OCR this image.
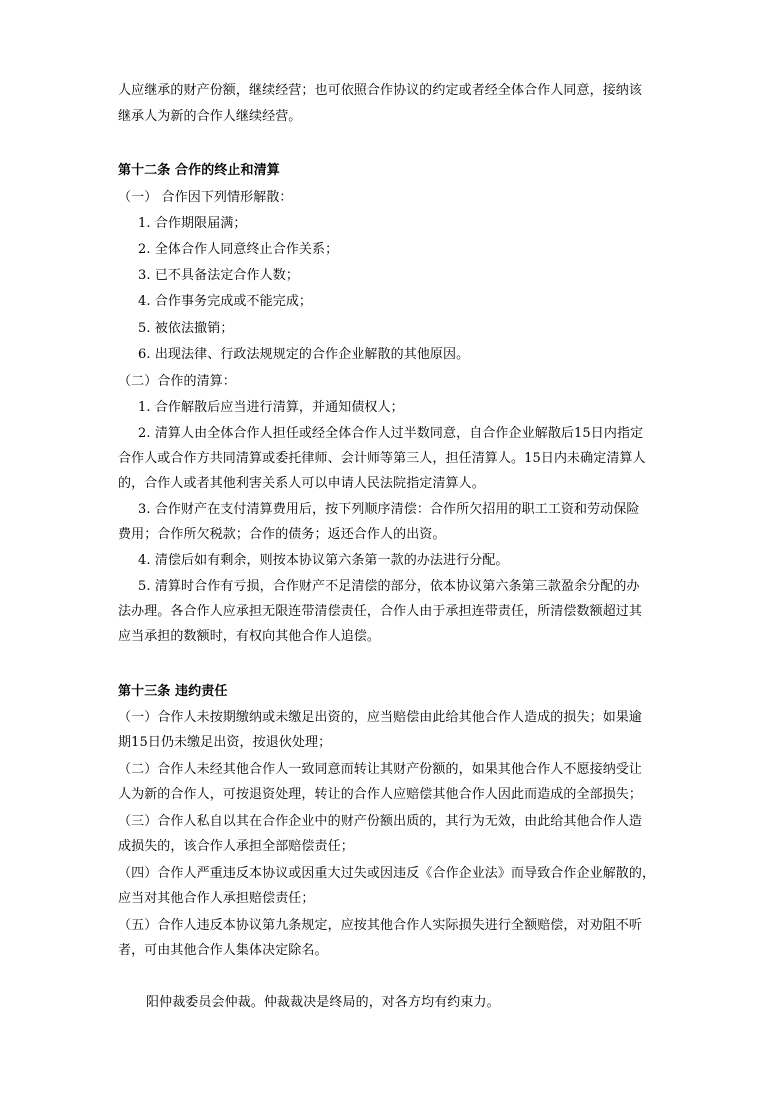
人应继承的财产份额，继续经营；也可依照合作协议的约定或者经全体合作人同意，接纳该
继承人为新的合作人继续经营。
第十二条 合作的终止和清算
（一） 合作因下列情形解散：
1. 合作期限届满；
2. 全体合作人同意终止合作关系；
3. 已不具备法定合作人数；
4. 合作事务完成或不能完成；
5. 被依法撤销；
6. 出现法律、行政法规规定的合作企业解散的其他原因。
（二）合作的清算：
1. 合作解散后应当进行清算，并通知债权人；
2. 清算人由全体合作人担任或经全体合作人过半数同意，自合作企业解散后15日内指定
合作人或合作方共同清算或委托律师、会计师等第三人，担任清算人。15日内未确定清算人
的，合作人或者其他利害关系人可以申请人民法院指定清算人。
3. 合作财产在支付清算费用后，按下列顺序清偿：合作所欠招用的职工工资和劳动保险
费用；合作所欠税款；合作的债务；返还合作人的出资。
4. 清偿后如有剩余，则按本协议第六条第一款的办法进行分配。
5. 清算时合作有亏损，合作财产不足清偿的部分，依本协议第六条第三款盈余分配的办
法办理。各合作人应承担无限连带清偿责任，合作人由于承担连带责任，所清偿数额超过其
应当承担的数额时，有权向其他合作人追偿。
第十三条 违约责任
（一）合作人未按期缴纳或未缴足出资的，应当赔偿由此给其他合作人造成的损失；如果逾
期15日仍未缴足出资，按退伙处理；
（二）合作人未经其他合作人一致同意而转让其财产份额的，如果其他合作人不愿接纳受让
人为新的合作人，可按退资处理，转让的合作人应赔偿其他合作人因此而造成的全部损失；
（三）合作人私自以其在合作企业中的财产份额出质的，其行为无效，由此给其他合作人造
成损失的，该合作人承担全部赔偿责任；
（四）合作人严重违反本协议或因重大过失或因违反《合作企业法》而导致合作企业解散的，
应当对其他合作人承担赔偿责任；
（五）合作人违反本协议第九条规定，应按其他合作人实际损失进行全额赔偿，对劝阻不听
者，可由其他合作人集体决定除名。
阳仲裁委员会仲裁。仲裁裁决是终局的，对各方均有约束力。
